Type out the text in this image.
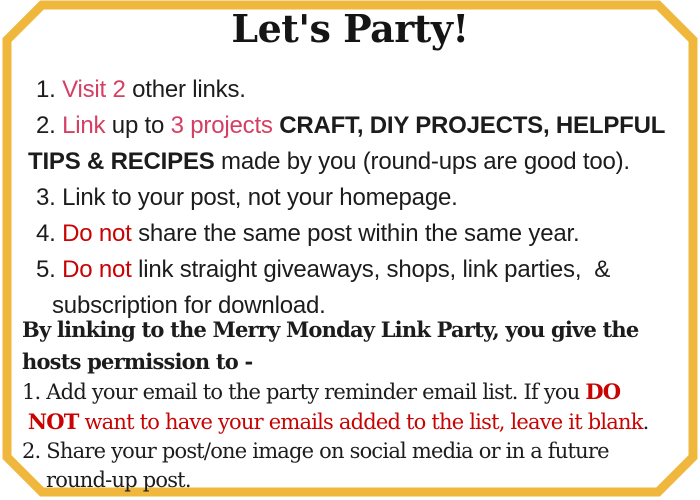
Let's Party!
1. Visit 2 other links.
2. Link up to 3 projects CRAFT, DIY PROJECTS, HELPFUL
TIPS & RECIPES made by you (round-ups are good too).
3. Link to your post, not your homepage.
4. Do not share the same post within the same year.
5. Do not link straight giveaways, shops, link parties,  &
subscription for download.
By linking to the Merry Monday Link Party, you give the
hosts permission to -
1. Add your email to the party reminder email list. If you DO
NOT want to have your emails added to the list, leave it blank.
2. Share your post/one image on social media or in a future
round-up post.
